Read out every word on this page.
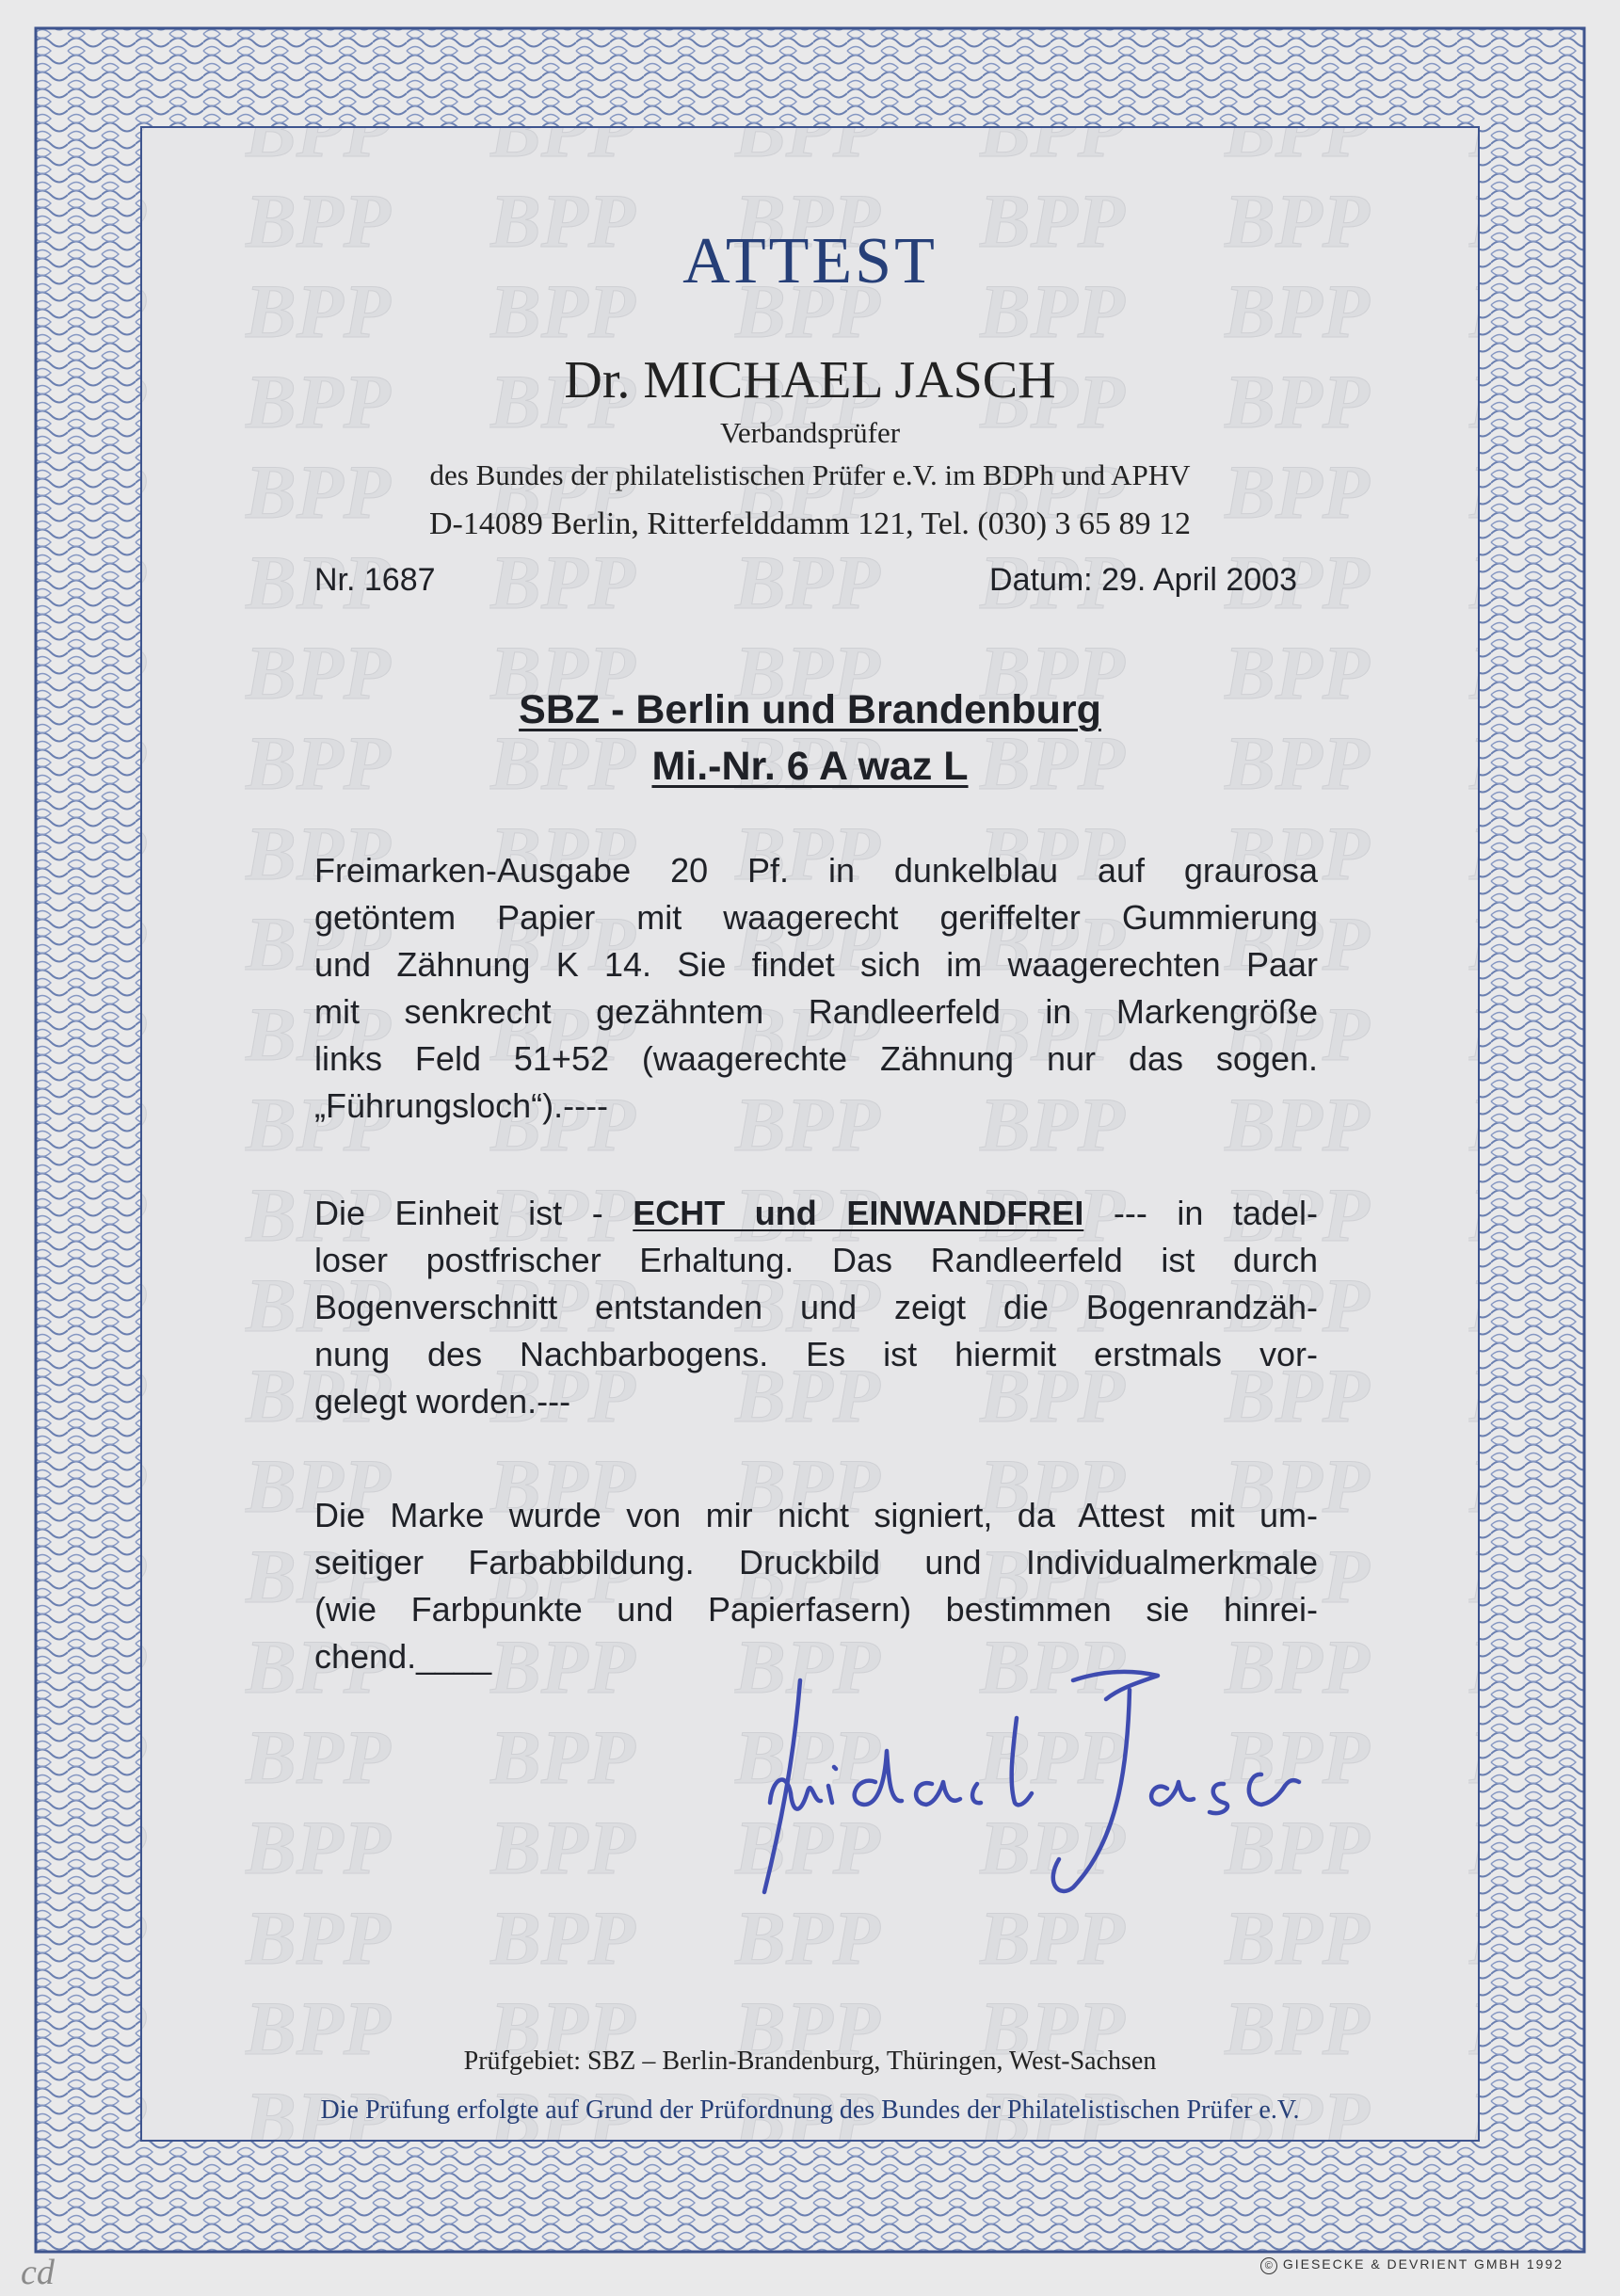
ATTEST
Dr. MICHAEL JASCH
Verbandsprüfer
des Bundes der philatelistischen Prüfer e.V. im BDPh und APHV
D-14089 Berlin, Ritterfelddamm 121, Tel. (030) 3 65 89 12
Nr. 1687	Datum: 29. April 2003
SBZ - Berlin und Brandenburg
Mi.-Nr. 6 A waz L
Freimarken-Ausgabe 20 Pf. in dunkelblau auf graurosa
getöntem Papier mit waagerecht geriffelter Gummierung
und Zähnung K 14. Sie findet sich im waagerechten Paar
mit senkrecht gezähntem Randleerfeld in Markengröße
links Feld 51+52 (waagerechte Zähnung nur das sogen.
„Führungsloch“).----
Die Einheit ist - ECHT und EINWANDFREI --- in tadel-
loser postfrischer Erhaltung. Das Randleerfeld ist durch
Bogenverschnitt entstanden und zeigt die Bogenrandzäh-
nung des Nachbarbogens. Es ist hiermit erstmals vor-
gelegt worden.---
Die Marke wurde von mir nicht signiert, da Attest mit um-
seitiger Farbabbildung. Druckbild und Individualmerkmale
(wie Farbpunkte und Papierfasern) bestimmen sie hinrei-
chend.____
Prüfgebiet: SBZ – Berlin-Brandenburg, Thüringen, West-Sachsen
Die Prüfung erfolgte auf Grund der Prüfordnung des Bundes der Philatelistischen Prüfer e.V.
© GIESECKE & DEVRIENT GMBH 1992
cd
